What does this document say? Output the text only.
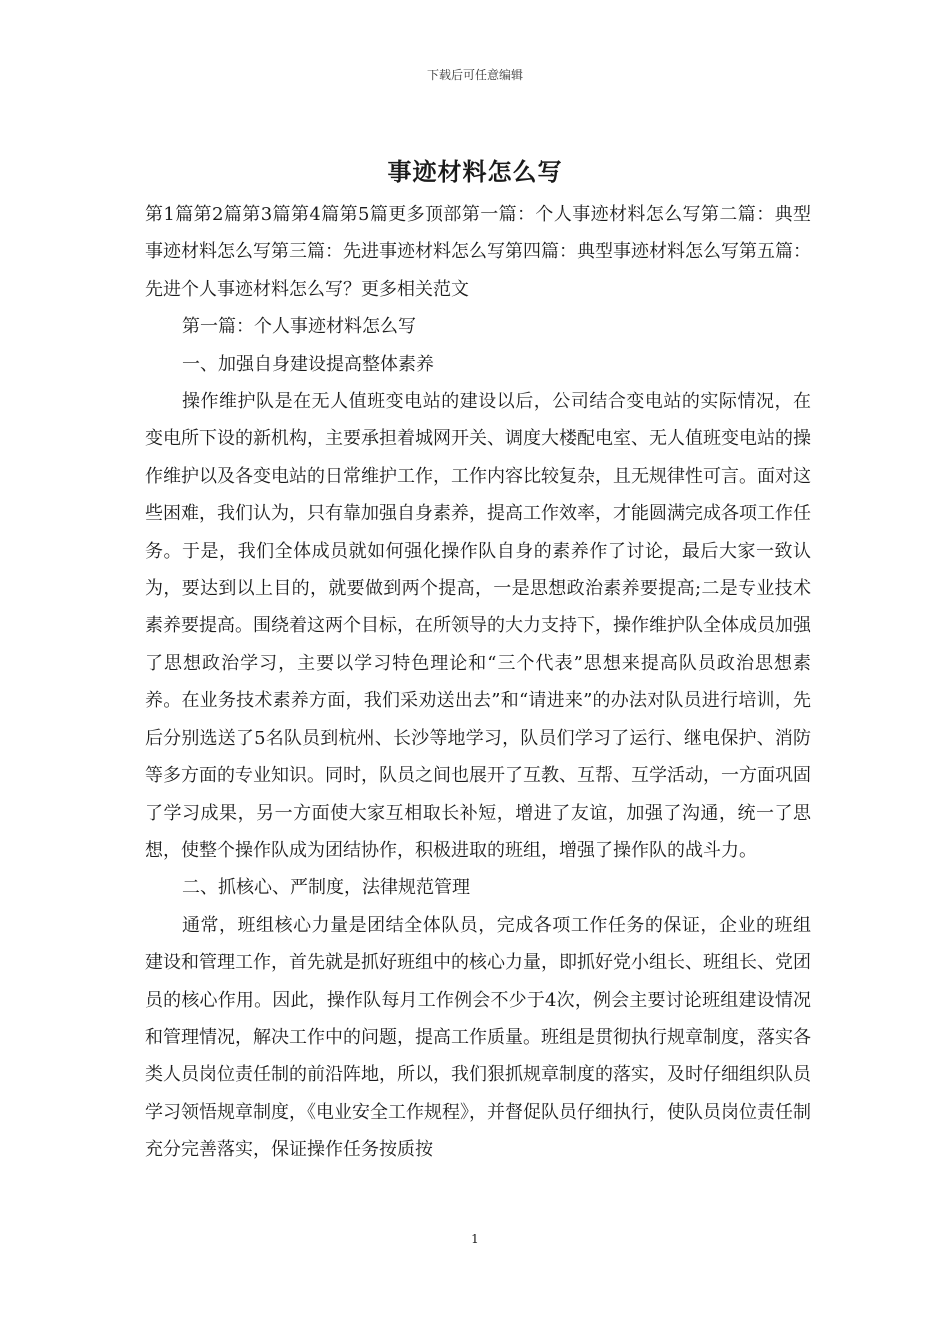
下载后可任意编辑
事迹材料怎么写

第1篇第2篇第3篇第4篇第5篇更多顶部第一篇：个人事迹材料怎么写第二篇：典型事迹材料怎么写第三篇：先进事迹材料怎么写第四篇：典型事迹材料怎么写第五篇：先进个人事迹材料怎么写？更多相关范文

第一篇：个人事迹材料怎么写

一、加强自身建设提高整体素养

操作维护队是在无人值班变电站的建设以后，公司结合变电站的实际情况，在变电所下设的新机构，主要承担着城网开关、调度大楼配电室、无人值班变电站的操作维护以及各变电站的日常维护工作，工作内容比较复杂，且无规律性可言。面对这些困难，我们认为，只有靠加强自身素养，提高工作效率，才能圆满完成各项工作任务。于是，我们全体成员就如何强化操作队自身的素养作了讨论，最后大家一致认为，要达到以上目的，就要做到两个提高，一是思想政治素养要提高;二是专业技术素养要提高。围绕着这两个目标，在所领导的大力支持下，操作维护队全体成员加强了思想政治学习，主要以学习特色理论和“三个代表”思想来提高队员政治思想素养。在业务技术素养方面，我们采劝送出去”和“请进来”的办法对队员进行培训，先后分别选送了5名队员到杭州、长沙等地学习，队员们学习了运行、继电保护、消防等多方面的专业知识。同时，队员之间也展开了互教、互帮、互学活动，一方面巩固了学习成果，另一方面使大家互相取长补短，增进了友谊，加强了沟通，统一了思想，使整个操作队成为团结协作，积极进取的班组，增强了操作队的战斗力。

二、抓核心、严制度，法律规范管理

通常，班组核心力量是团结全体队员，完成各项工作任务的保证，企业的班组建设和管理工作，首先就是抓好班组中的核心力量，即抓好党小组长、班组长、党团员的核心作用。因此，操作队每月工作例会不少于4次，例会主要讨论班组建设情况和管理情况，解决工作中的问题，提高工作质量。班组是贯彻执行规章制度，落实各类人员岗位责任制的前沿阵地，所以，我们狠抓规章制度的落实，及时仔细组织队员学习领悟规章制度，《电业安全工作规程》，并督促队员仔细执行，使队员岗位责任制充分完善落实，保证操作任务按质按

1
